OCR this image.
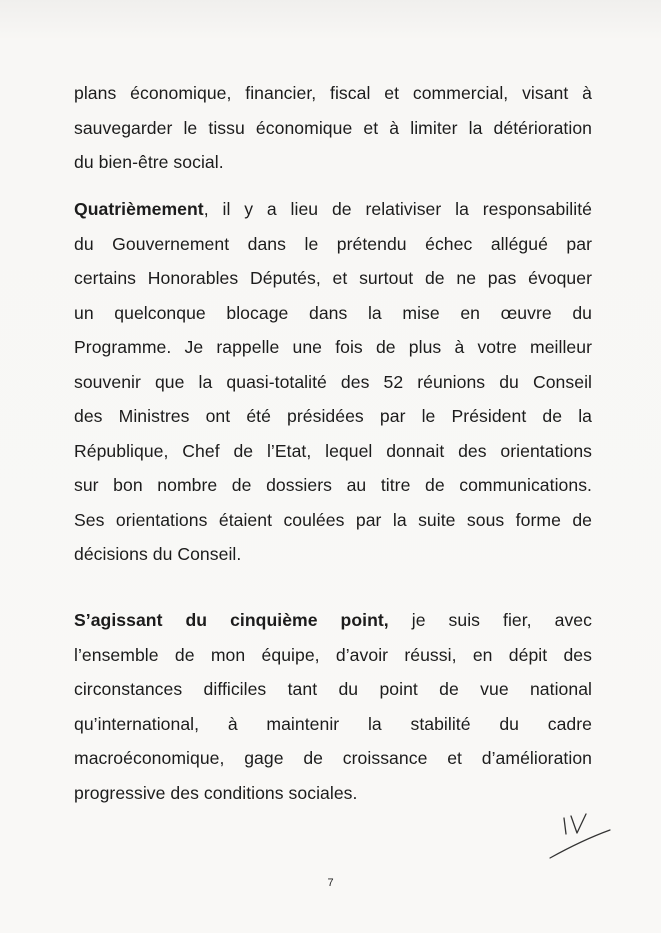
plans économique, financier, fiscal et commercial, visant à
sauvegarder le tissu économique et à limiter la détérioration
du bien-être social.
Quatrièmement, il y a lieu de relativiser la responsabilité
du Gouvernement dans le prétendu échec allégué par
certains Honorables Députés, et surtout de ne pas évoquer
un quelconque blocage dans la mise en œuvre du
Programme. Je rappelle une fois de plus à votre meilleur
souvenir que la quasi-totalité des 52 réunions du Conseil
des Ministres ont été présidées par le Président de la
République, Chef de l’Etat, lequel donnait des orientations
sur bon nombre de dossiers au titre de communications.
Ses orientations étaient coulées par la suite sous forme de
décisions du Conseil.
S’agissant du cinquième point, je suis fier, avec
l’ensemble de mon équipe, d’avoir réussi, en dépit des
circonstances difficiles tant du point de vue national
qu’international, à maintenir la stabilité du cadre
macroéconomique, gage de croissance et d’amélioration
progressive des conditions sociales.
7
